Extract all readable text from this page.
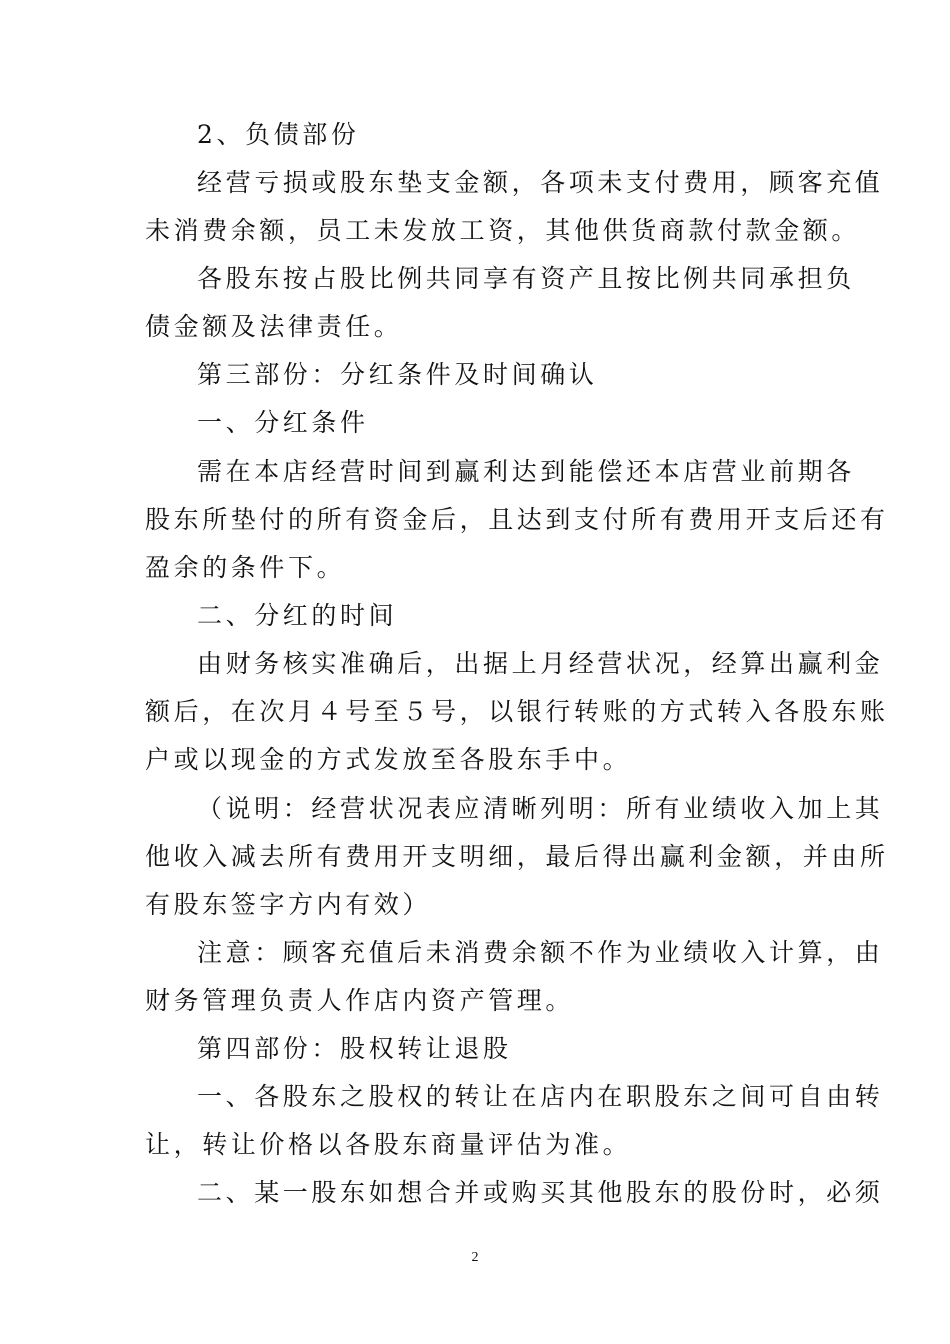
2、负债部份
经营亏损或股东垫支金额，各项未支付费用，顾客充值
未消费余额，员工未发放工资，其他供货商款付款金额。
各股东按占股比例共同享有资产且按比例共同承担负
债金额及法律责任。
第三部份：分红条件及时间确认
一、分红条件
需在本店经营时间到赢利达到能偿还本店营业前期各
股东所垫付的所有资金后，且达到支付所有费用开支后还有
盈余的条件下。
二、分红的时间
由财务核实准确后，出据上月经营状况，经算出赢利金
额后，在次月４号至５号，以银行转账的方式转入各股东账
户或以现金的方式发放至各股东手中。
（说明：经营状况表应清晰列明：所有业绩收入加上其
他收入减去所有费用开支明细，最后得出赢利金额，并由所
有股东签字方内有效）
注意：顾客充值后未消费余额不作为业绩收入计算，由
财务管理负责人作店内资产管理。
第四部份：股权转让退股
一、各股东之股权的转让在店内在职股东之间可自由转
让，转让价格以各股东商量评估为准。
二、某一股东如想合并或购买其他股东的股份时，必须
2
